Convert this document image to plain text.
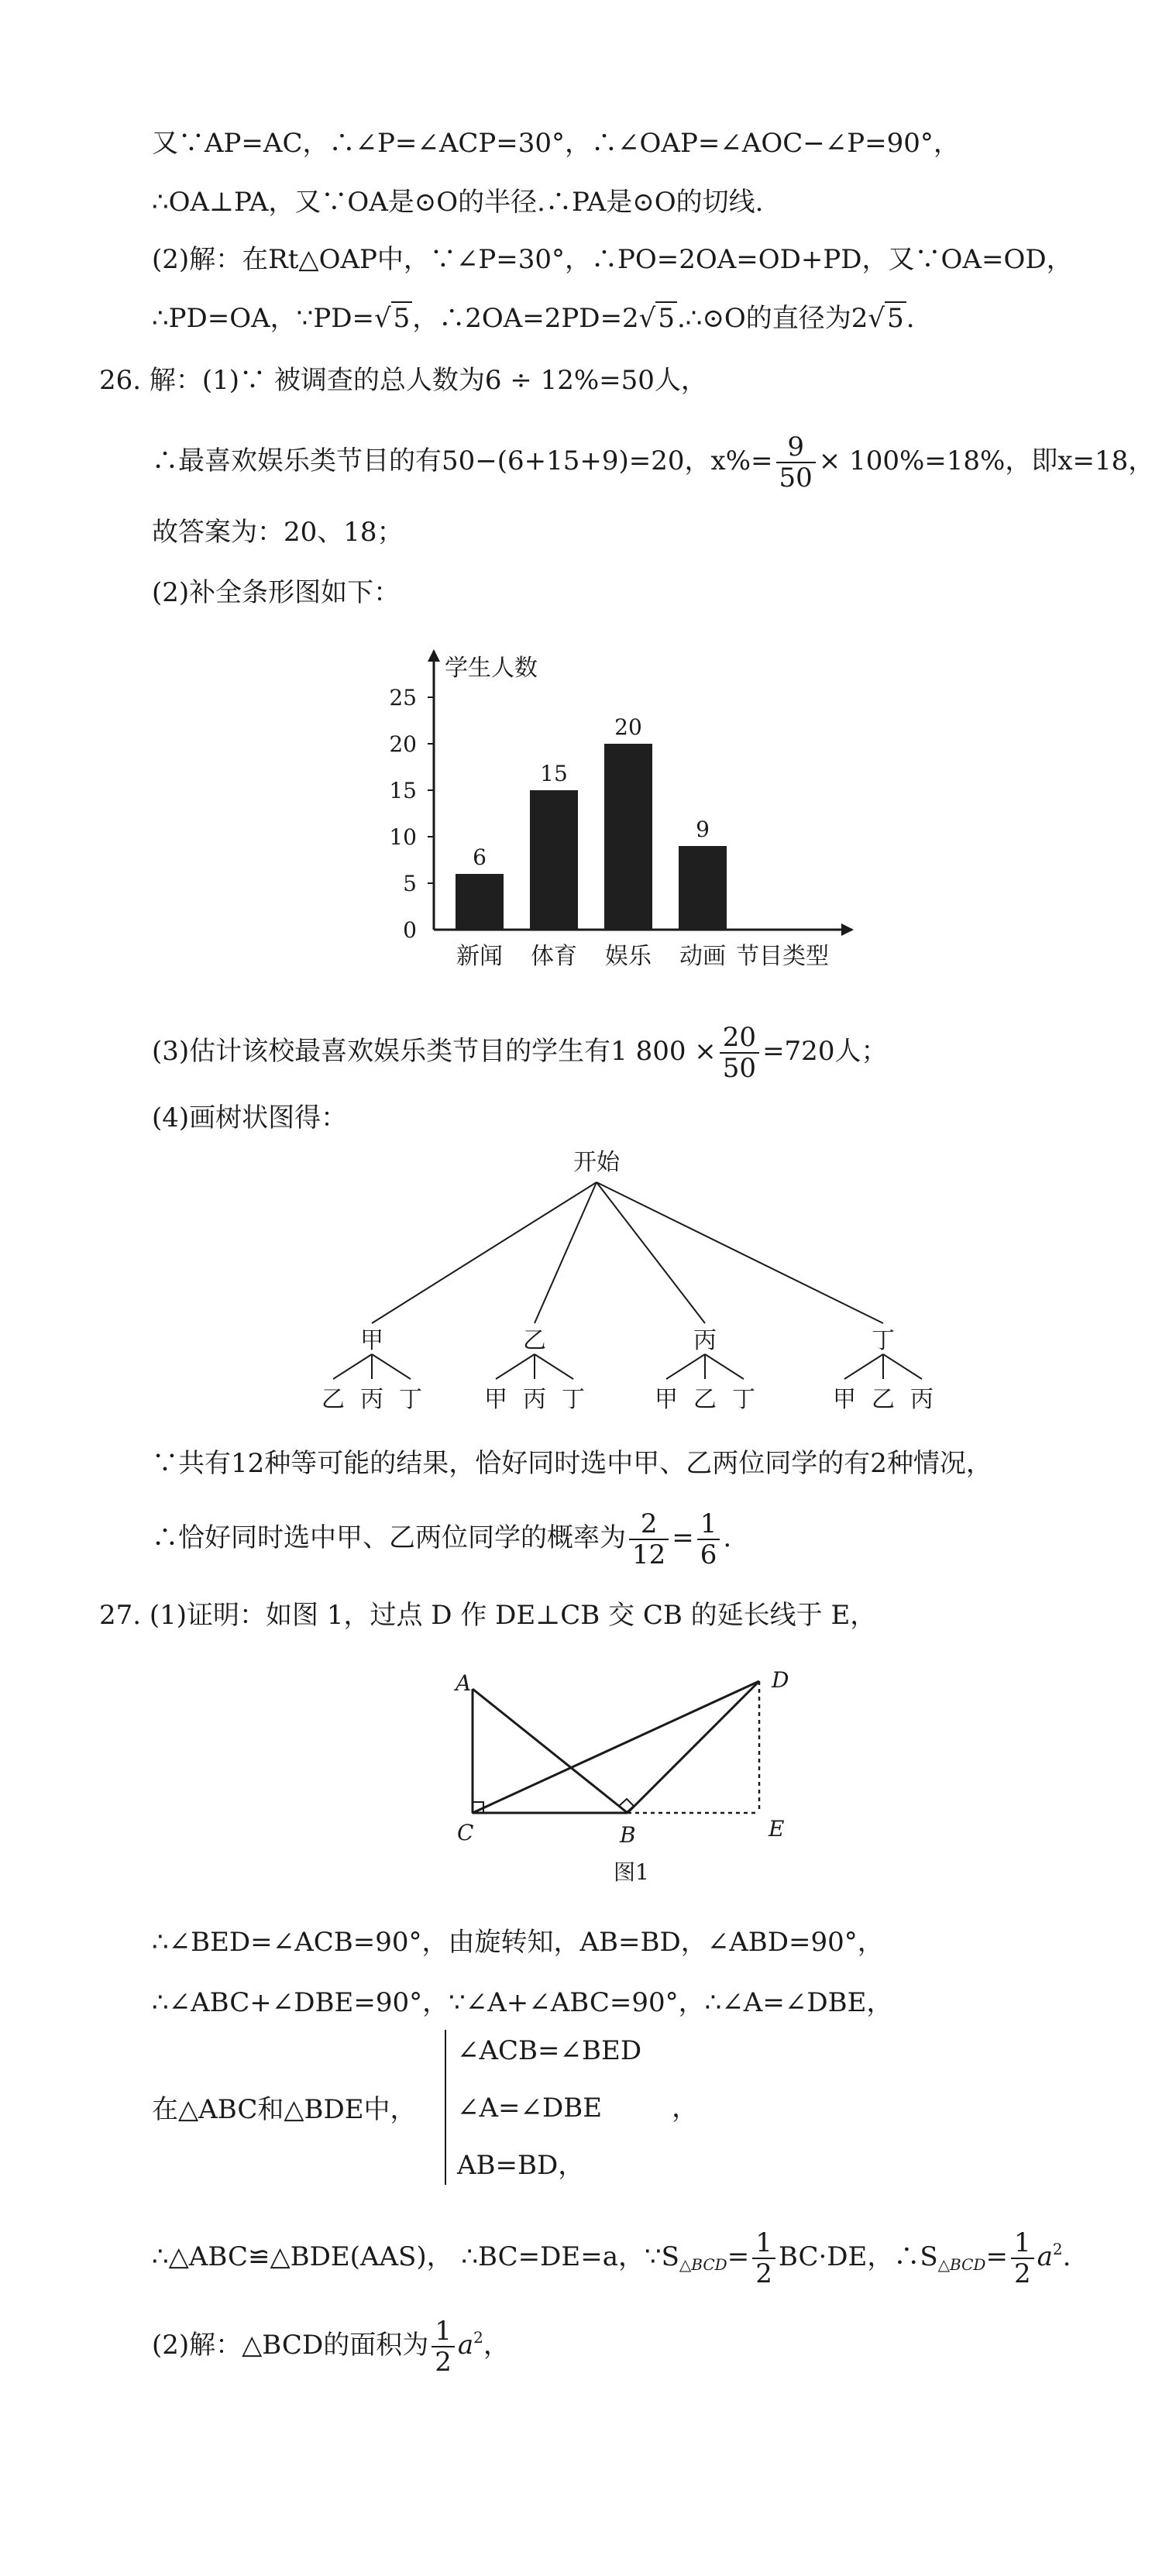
又∵AP=AC，∴∠P=∠ACP=30°，∴∠OAP=∠AOC−∠P=90°，
∴OA⊥PA，又∵OA是⊙O的半径.∴PA是⊙O的切线.
(2)解：在Rt△OAP中，∵∠P=30°，∴PO=2OA=OD+PD，又∵OA=OD，
∴PD=OA，∵PD=√5，∴2OA=2PD=2√5.∴⊙O的直径为2√5.
26. 解：(1)∵ 被调查的总人数为6 ÷ 12%=50人，
∴最喜欢娱乐类节目的有50−(6+15+9)=20，$x\%= \frac{9}{50} \times 100\%=18\%$，即x=18，
故答案为：20、18；
(2)补全条形图如下：
学生人数
0
5
10
15
20
25
6
新闻
15
体育
20
娱乐
9
动画 节目类型
(3)估计该校最喜欢娱乐类节目的学生有1 $800 \times \frac{20}{50} =720$人；
(4)画树状图得：
开始
甲
乙 丙 丁
乙
甲 丙 丁
丙
甲 乙 丁
丁
甲 乙 丙
∵共有12种等可能的结果，恰好同时选中甲、乙两位同学的有2种情况，
∴恰好同时选中甲、乙两位同学的概率为 $\frac{2}{12} = \frac{1}{6}$ .
27. (1)证明：如图 1，过点 D 作 DE⊥CB 交 CB 的延长线于 E，
A
C	B
D
E
图1
∴∠BED=∠ACB=90°，由旋转知，AB=BD，∠ABD=90°，
∴∠ABC+∠DBE=90°，∵∠A+∠ABC=90°，∴∠A=∠DBE，
在△ABC和△BDE中，
∠ACB=∠BED
∠A=∠DBE	，
AB=BD，
∴△ABC≌△BDE(AAS)， ∴BC=DE=a，$\because S_{\triangle BCD}= \frac{1}{2} BC\cdot DE$，$\therefore S_{\triangle BCD}= \frac{1}{2} a^2$.
(2)解：△BCD的面积为 $\frac{1}{2} a^2$，
